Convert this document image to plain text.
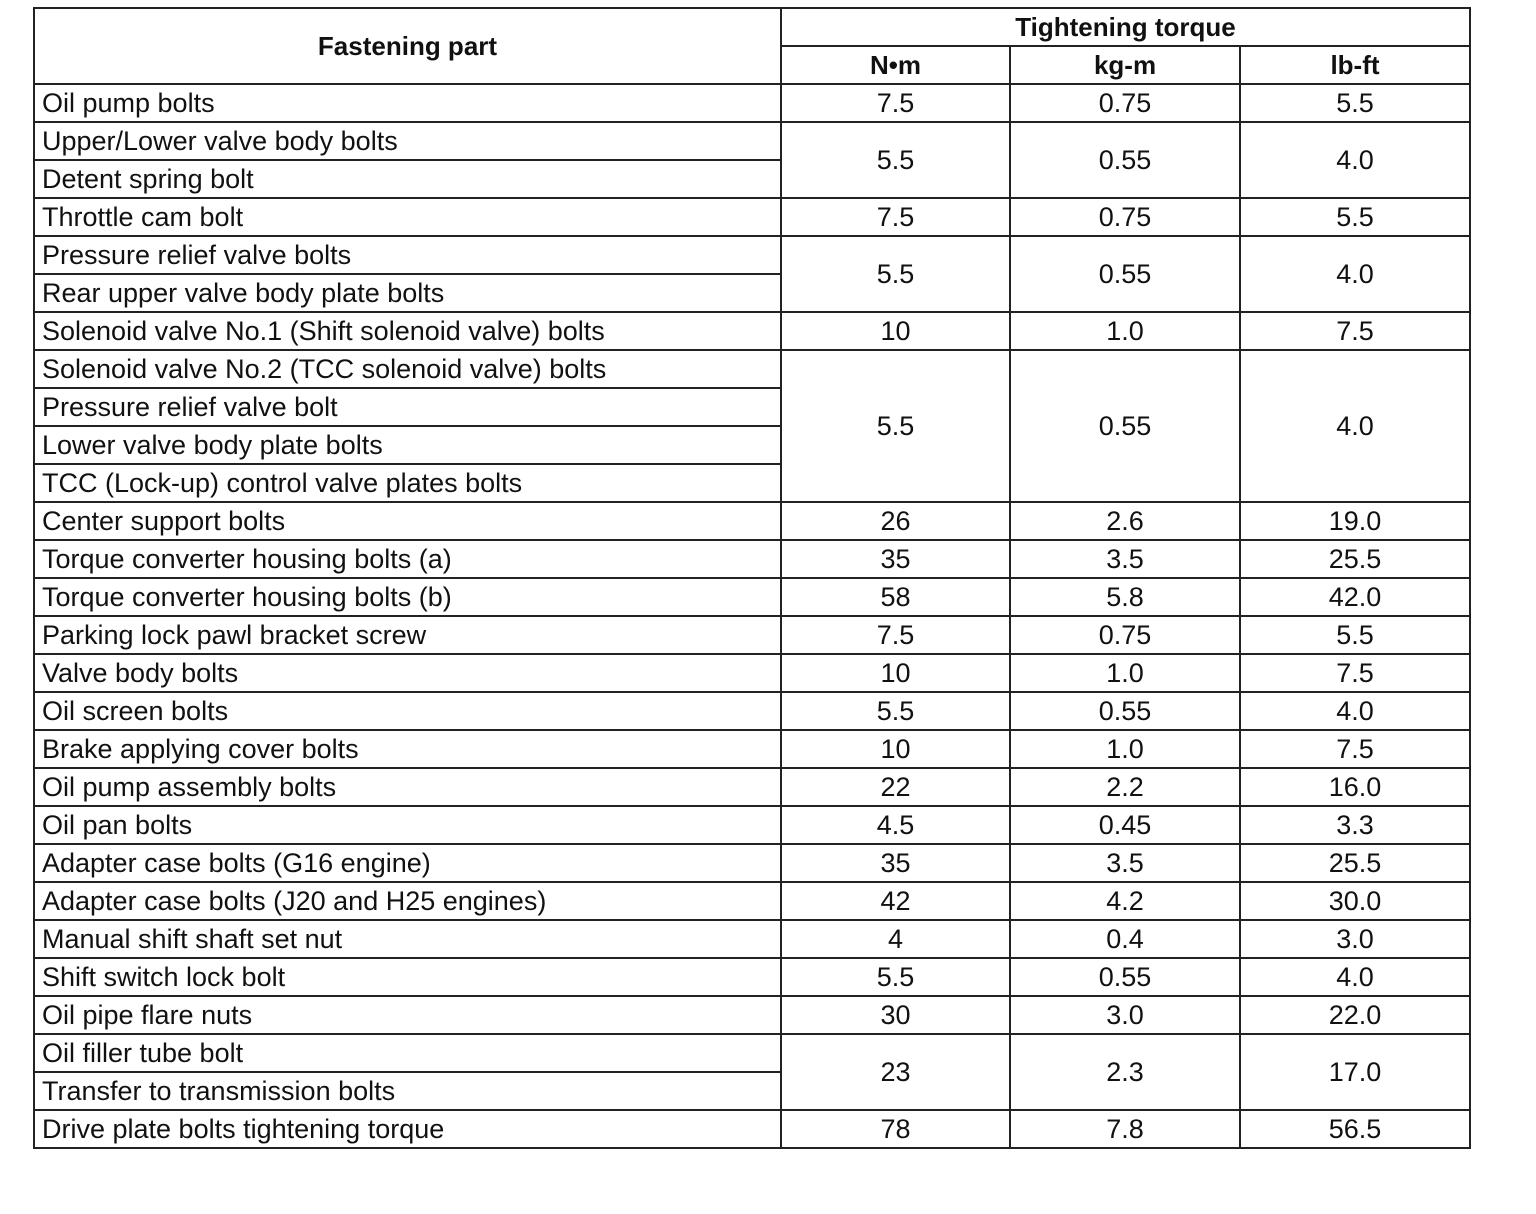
Fastening part	Tightening torque		
	N•m	kg-m	lb-ft
Oil pump bolts	7.5	0.75	5.5
Upper/Lower valve body bolts	5.5	0.55	4.0
Detent spring bolt			
Throttle cam bolt	7.5	0.75	5.5
Pressure relief valve bolts	5.5	0.55	4.0
Rear upper valve body plate bolts			
Solenoid valve No.1 (Shift solenoid valve) bolts	10	1.0	7.5
Solenoid valve No.2 (TCC solenoid valve) bolts	5.5	0.55	4.0
Pressure relief valve bolt			
Lower valve body plate bolts			
TCC (Lock-up) control valve plates bolts			
Center support bolts	26	2.6	19.0
Torque converter housing bolts (a)	35	3.5	25.5
Torque converter housing bolts (b)	58	5.8	42.0
Parking lock pawl bracket screw	7.5	0.75	5.5
Valve body bolts	10	1.0	7.5
Oil screen bolts	5.5	0.55	4.0
Brake applying cover bolts	10	1.0	7.5
Oil pump assembly bolts	22	2.2	16.0
Oil pan bolts	4.5	0.45	3.3
Adapter case bolts (G16 engine)	35	3.5	25.5
Adapter case bolts (J20 and H25 engines)	42	4.2	30.0
Manual shift shaft set nut	4	0.4	3.0
Shift switch lock bolt	5.5	0.55	4.0
Oil pipe flare nuts	30	3.0	22.0
Oil filler tube bolt	23	2.3	17.0
Transfer to transmission bolts			
Drive plate bolts tightening torque	78	7.8	56.5
